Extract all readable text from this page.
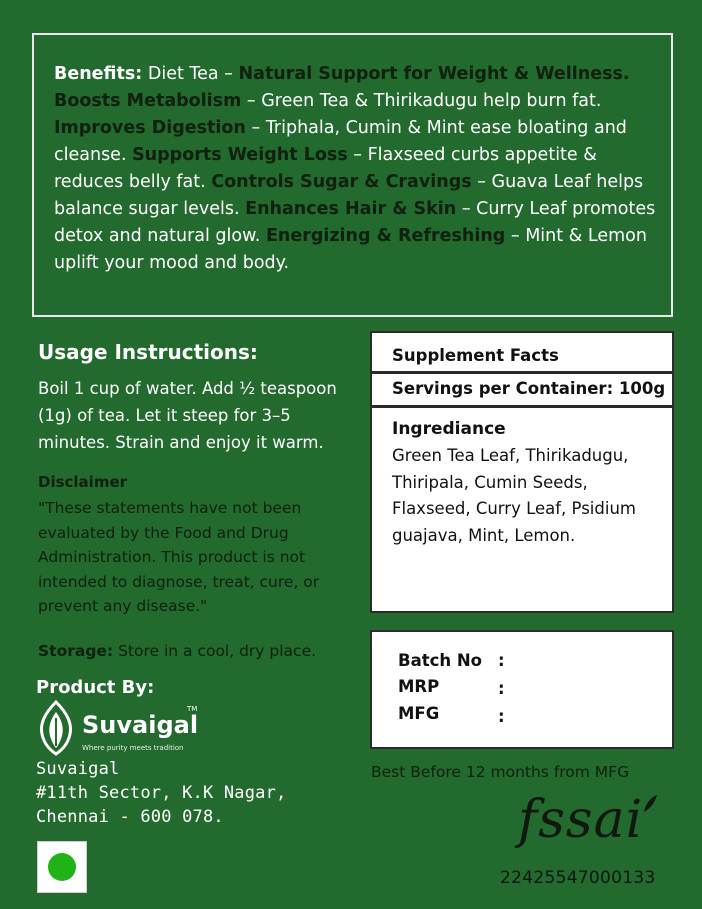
Benefits: Diet Tea – Natural Support for Weight & Wellness. Boosts Metabolism – Green Tea & Thirikadugu help burn fat. Improves Digestion – Triphala, Cumin & Mint ease bloating and cleanse. Supports Weight Loss – Flaxseed curbs appetite & reduces belly fat. Controls Sugar & Cravings – Guava Leaf helps balance sugar levels. Enhances Hair & Skin – Curry Leaf promotes detox and natural glow. Energizing & Refreshing – Mint & Lemon uplift your mood and body.
Usage Instructions:
Boil 1 cup of water. Add ½ teaspoon (1g) of tea. Let it steep for 3–5 minutes. Strain and enjoy it warm.
Disclaimer
"These statements have not been evaluated by the Food and Drug Administration. This product is not intended to diagnose, treat, cure, or prevent any disease."
Storage: Store in a cool, dry place.
Product By:
Suvaigal
TM
Where purity meets tradition
Suvaigal
#11th Sector, K.K Nagar,
Chennai - 600 078.
Supplement Facts
Servings per Container: 100g
Ingrediance
Green Tea Leaf, Thirikadugu, Thiripala, Cumin Seeds, Flaxseed, Curry Leaf, Psidium guajava, Mint, Lemon.
Batch No :
MRP	:
MFG	:
Best Before 12 months from MFG
fssai
22425547000133
